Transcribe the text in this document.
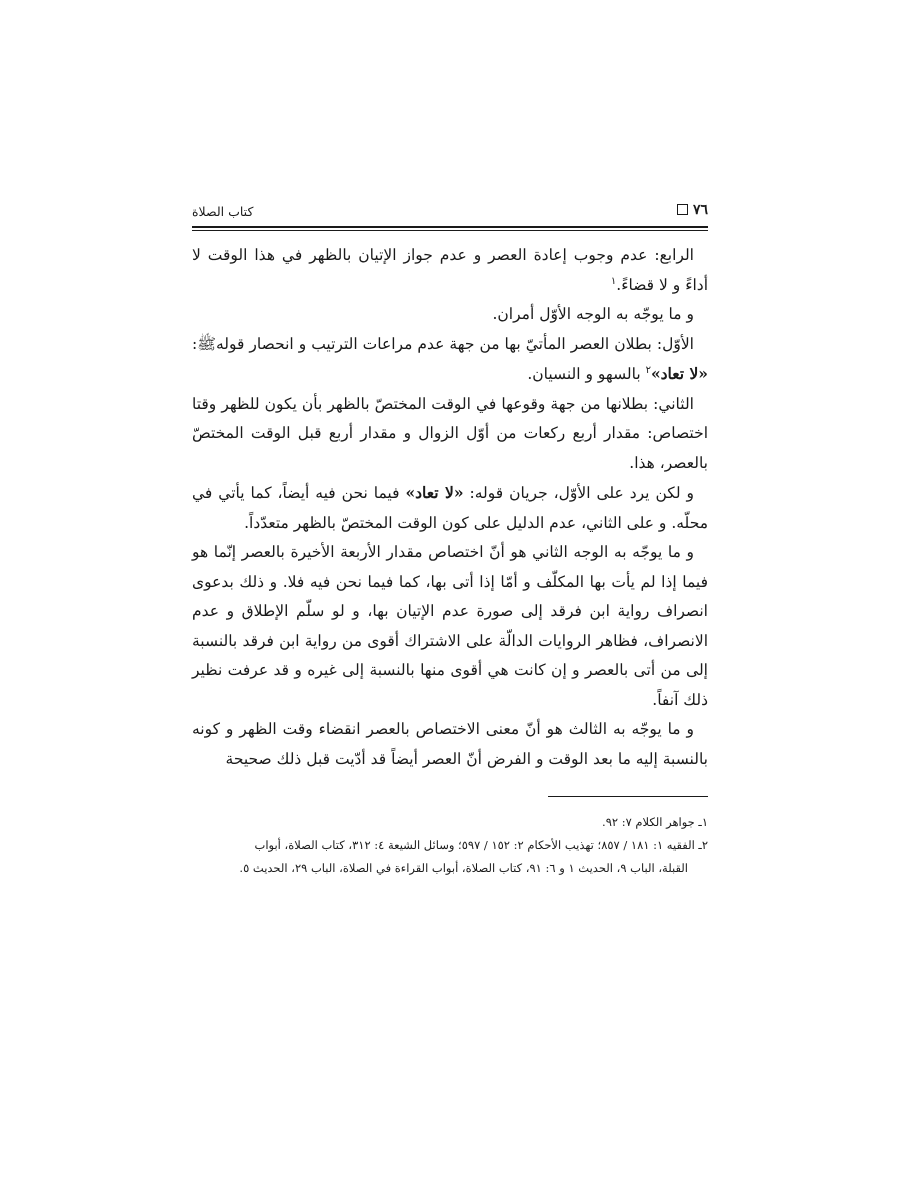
٧٦
كتاب الصلاة

الرابع: عدم وجوب إعادة العصر و عدم جواز الإتيان بالظهر في هذا الوقت لا أداءً و لا قضاءً.$^١$

و ما يوجّه به الوجه الأوّل أمران.

الأوّل: بطلان العصر المأتيّ بها من جهة عدم مراعات الترتيب و انحصار قولهﷺ: «لا تعاد»$^٢$ بالسهو و النسيان.

الثاني: بطلانها من جهة وقوعها في الوقت المختصّ بالظهر بأن يكون للظهر وقتا اختصاص: مقدار أربع ركعات من أوّل الزوال و مقدار أربع قبل الوقت المختصّ بالعصر، هذا.

و لكن يرد على الأوّل، جريان قوله: «لا تعاد» فيما نحن فيه أيضاً، كما يأتي في محلّه. و على الثاني، عدم الدليل على كون الوقت المختصّ بالظهر متعدّداً.

و ما يوجّه به الوجه الثاني هو أنّ اختصاص مقدار الأربعة الأخيرة بالعصر إنّما هو فيما إذا لم يأت بها المكلّف و أمّا إذا أتى بها، كما فيما نحن فيه فلا. و ذلك بدعوى انصراف رواية ابن فرقد إلى صورة عدم الإتيان بها، و لو سلّم الإطلاق و عدم الانصراف، فظاهر الروايات الدالّة على الاشتراك أقوى من رواية ابن فرقد بالنسبة إلى من أتى بالعصر و إن كانت هي أقوى منها بالنسبة إلى غيره و قد عرفت نظير ذلك آنفاً.

و ما يوجّه به الثالث هو أنّ معنى الاختصاص بالعصر انقضاء وقت الظهر و كونه بالنسبة إليه ما بعد الوقت و الفرض أنّ العصر أيضاً قد أدّيت قبل ذلك صحيحة

١ـ جواهر الكلام ٧: ٩٢.

٢ـ الفقيه ١: ١٨١ / ٨٥٧؛ تهذيب الأحكام ٢: ١٥٢ / ٥٩٧؛ وسائل الشيعة ٤: ٣١٢، كتاب الصلاة، أبواب

القبلة، الباب ٩، الحديث ١ و ٦: ٩١، كتاب الصلاة، أبواب القراءة في الصلاة، الباب ٢٩، الحديث ٥.
